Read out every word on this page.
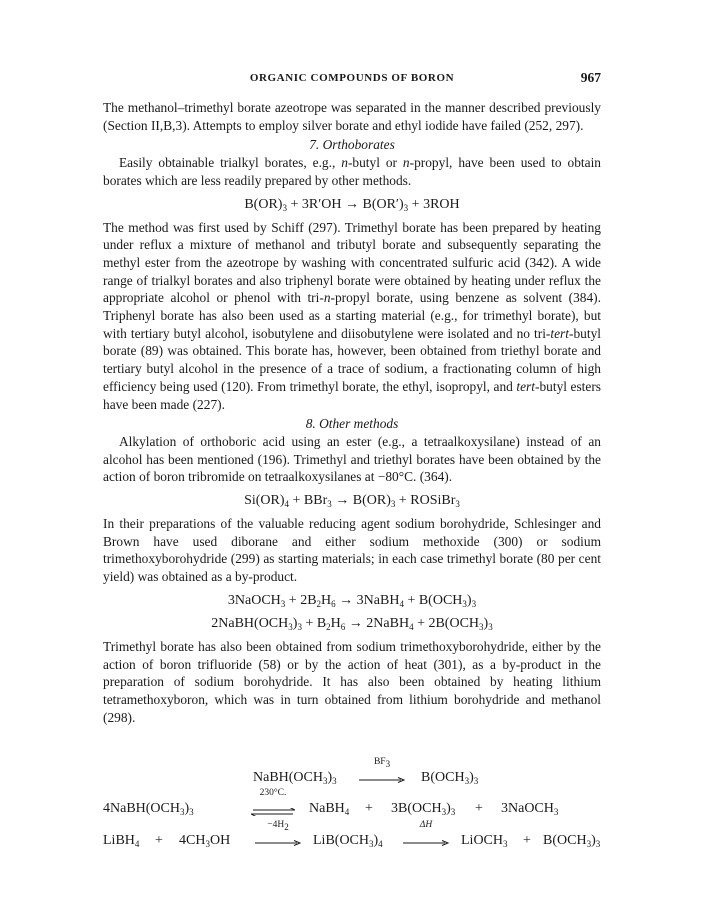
ORGANIC COMPOUNDS OF BORON	967

The methanol–trimethyl borate azeotrope was separated in the manner described previously (Section II,B,3). Attempts to employ silver borate and ethyl iodide have failed (252, 297).

7. Orthoborates

Easily obtainable trialkyl borates, e.g., n-butyl or n-propyl, have been used to obtain borates which are less readily prepared by other methods.

$B(OR)_3 + 3R'OH \to B(OR')_3 + 3ROH$

The method was first used by Schiff (297). Trimethyl borate has been prepared by heating under reflux a mixture of methanol and tributyl borate and subsequently separating the methyl ester from the azeotrope by washing with concentrated sulfuric acid (342). A wide range of trialkyl borates and also triphenyl borate were obtained by heating under reflux the appropriate alcohol or phenol with tri-n-propyl borate, using benzene as solvent (384). Triphenyl borate has also been used as a starting material (e.g., for trimethyl borate), but with tertiary butyl alcohol, isobutylene and diisobutylene were isolated and no tri-tert-butyl borate (89) was obtained. This borate has, however, been obtained from triethyl borate and tertiary butyl alcohol in the presence of a trace of sodium, a fractionating column of high efficiency being used (120). From trimethyl borate, the ethyl, isopropyl, and tert-butyl esters have been made (227).

8. Other methods

Alkylation of orthoboric acid using an ester (e.g., a tetraalkoxysilane) instead of an alcohol has been mentioned (196). Trimethyl and triethyl borates have been obtained by the action of boron tribromide on tetraalkoxysilanes at −80°C. (364).

$Si(OR)_4 + BBr_3 \to B(OR)_3$ + ROSiBr$_3$

In their preparations of the valuable reducing agent sodium borohydride, Schlesinger and Brown have used diborane and either sodium methoxide (300) or sodium trimethoxyborohydride (299) as starting materials; in each case trimethyl borate (80 per cent yield) was obtained as a by-product.

3NaOCH$_3$ + $2B_2H_6$ → 3NaBH$_4$ + $B(OCH_3)_3$
$2NaBH(OCH_3)_3 + B_2H_6$ → 2NaBH$_4$ + $2B(OCH_3)_3$

Trimethyl borate has also been obtained from sodium trimethoxyborohydride, either by the action of boron trifluoride (58) or by the action of heat (301), as a by-product in the preparation of sodium borohydride. It has also been obtained by heating lithium tetramethoxyboron, which was in turn obtained from lithium borohydride and methanol (298).

$NaBH(OCH_3)_3$
$BF_3$
$B(OCH_3)_3$
$4NaBH(OCH_3)_3$
230°C.
NaBH$_4$ + $3B(OCH_3)_3$ + 3NaOCH$_3$
LiBH$_4$ + $4CH_3OH$
$-4H_2$
$LiB(OCH_3)_4$
ΔH
LiOCH$_3$ + $B(OCH_3)_3$
